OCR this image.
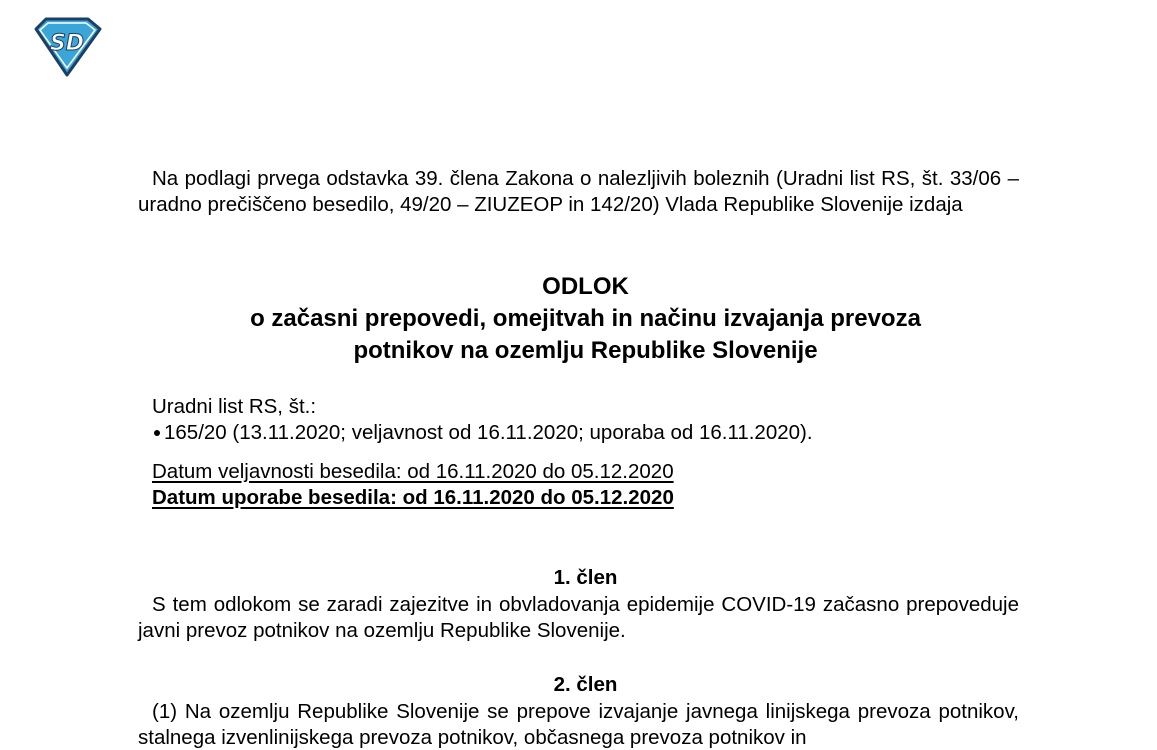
SD
Na podlagi prvega odstavka 39. člena Zakona o nalezljivih boleznih (Uradni list RS, št. 33/06 – uradno prečiščeno besedilo, 49/20 – ZIUZEOP in 142/20) Vlada Republike Slovenije izdaja
ODLOK
o začasni prepovedi, omejitvah in načinu izvajanja prevoza
potnikov na ozemlju Republike Slovenije
Uradni list RS, št.:
165/20 (13.11.2020; veljavnost od 16.11.2020; uporaba od 16.11.2020).
Datum veljavnosti besedila: od 16.11.2020 do 05.12.2020
Datum uporabe besedila: od 16.11.2020 do 05.12.2020
1. člen
S tem odlokom se zaradi zajezitve in obvladovanja epidemije COVID-19 začasno prepoveduje javni prevoz potnikov na ozemlju Republike Slovenije.
2. člen
(1) Na ozemlju Republike Slovenije se prepove izvajanje javnega linijskega prevoza potnikov, stalnega izvenlinijskega prevoza potnikov, občasnega prevoza potnikov in
